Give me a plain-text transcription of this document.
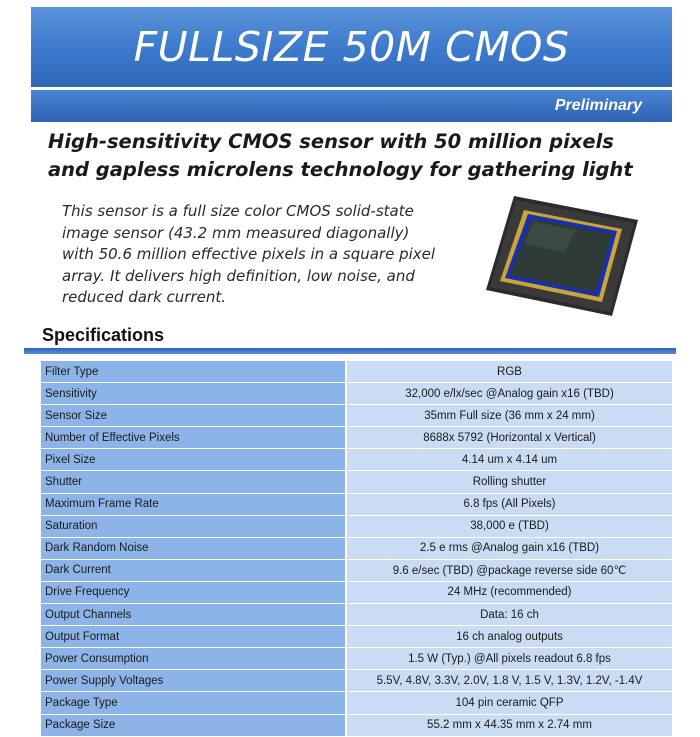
FULLSIZE 50M CMOS
Preliminary

High-sensitivity CMOS sensor with 50 million pixels and gapless microlens technology for gathering light

This sensor is a full size color CMOS solid-state image sensor (43.2 mm measured diagonally) with 50.6 million effective pixels in a square pixel array. It delivers high definition, low noise, and reduced dark current.

Specifications
Filter Type	RGB
Sensitivity	32,000 e/lx/sec @Analog gain x16 (TBD)
Sensor Size	35mm Full size (36 mm x 24 mm)
Number of Effective Pixels	8688x 5792 (Horizontal x Vertical)
Pixel Size	4.14 um x 4.14 um
Shutter	Rolling shutter
Maximum Frame Rate	6.8 fps (All Pixels)
Saturation	38,000 e (TBD)
Dark Random Noise	2.5 e rms @Analog gain x16 (TBD)
Dark Current	9.6 e/sec (TBD) @package reverse side 60℃
Drive Frequency	24 MHz (recommended)
Output Channels	Data: 16 ch
Output Format	16 ch analog outputs
Power Consumption	1.5 W (Typ.) @All pixels readout 6.8 fps
Power Supply Voltages	5.5V, 4.8V, 3.3V, 2.0V, 1.8 V, 1.5 V, 1.3V, 1.2V, -1.4V
Package Type	104 pin ceramic QFP
Package Size	55.2 mm x 44.35 mm x 2.74 mm
